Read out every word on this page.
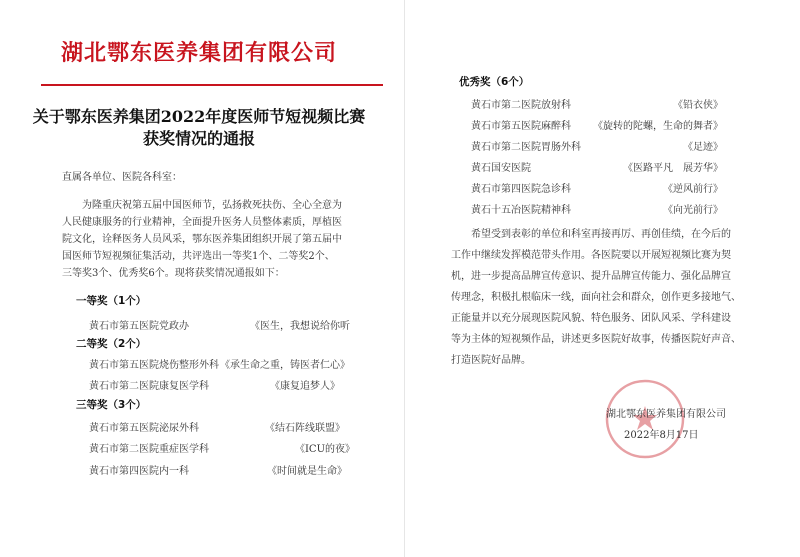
湖北鄂东医养集团有限公司
关于鄂东医养集团2022年度医师节短视频比赛
获奖情况的通报
直属各单位、医院各科室：
为隆重庆祝第五届中国医师节，弘扬救死扶伤、全心全意为
人民健康服务的行业精神，全面提升医务人员整体素质，厚植医
院文化，诠释医务人员风采，鄂东医养集团组织开展了第五届中
国医师节短视频征集活动，共评选出一等奖1个、二等奖2个、
三等奖3个、优秀奖6个。现将获奖情况通报如下：
一等奖（1个）
黄石市第五医院党政办	《医生，我想说给你听
二等奖（2个）
黄石市第五医院烧伤整形外科 《承生命之重，铸医者仁心》
黄石市第二医院康复医学科	《康复追梦人》
三等奖（3个）
黄石市第五医院泌尿外科	《结石阵线联盟》
黄石市第二医院重症医学科	《ICU的夜》
黄石市第四医院内一科	《时间就是生命》
优秀奖（6个）
黄石市第二医院放射科	《铅衣侠》
黄石市第五医院麻醉科 《旋转的陀螺，生命的舞者》
黄石市第二医院胃肠外科	《足迹》
黄石国安医院	《医路平凡　展芳华》
黄石市第四医院急诊科	《逆风前行》
黄石十五冶医院精神科	《向光前行》
希望受到表彰的单位和科室再接再厉、再创佳绩，在今后的
工作中继续发挥模范带头作用。各医院要以开展短视频比赛为契
机，进一步提高品牌宣传意识、提升品牌宣传能力、强化品牌宣
传理念，积极扎根临床一线，面向社会和群众，创作更多接地气、
正能量并以充分展现医院风貌、特色服务、团队风采、学科建设
等为主体的短视频作品，讲述更多医院好故事，传播医院好声音、
打造医院好品牌。
湖北鄂东医养集团有限公司
2022年8月17日
